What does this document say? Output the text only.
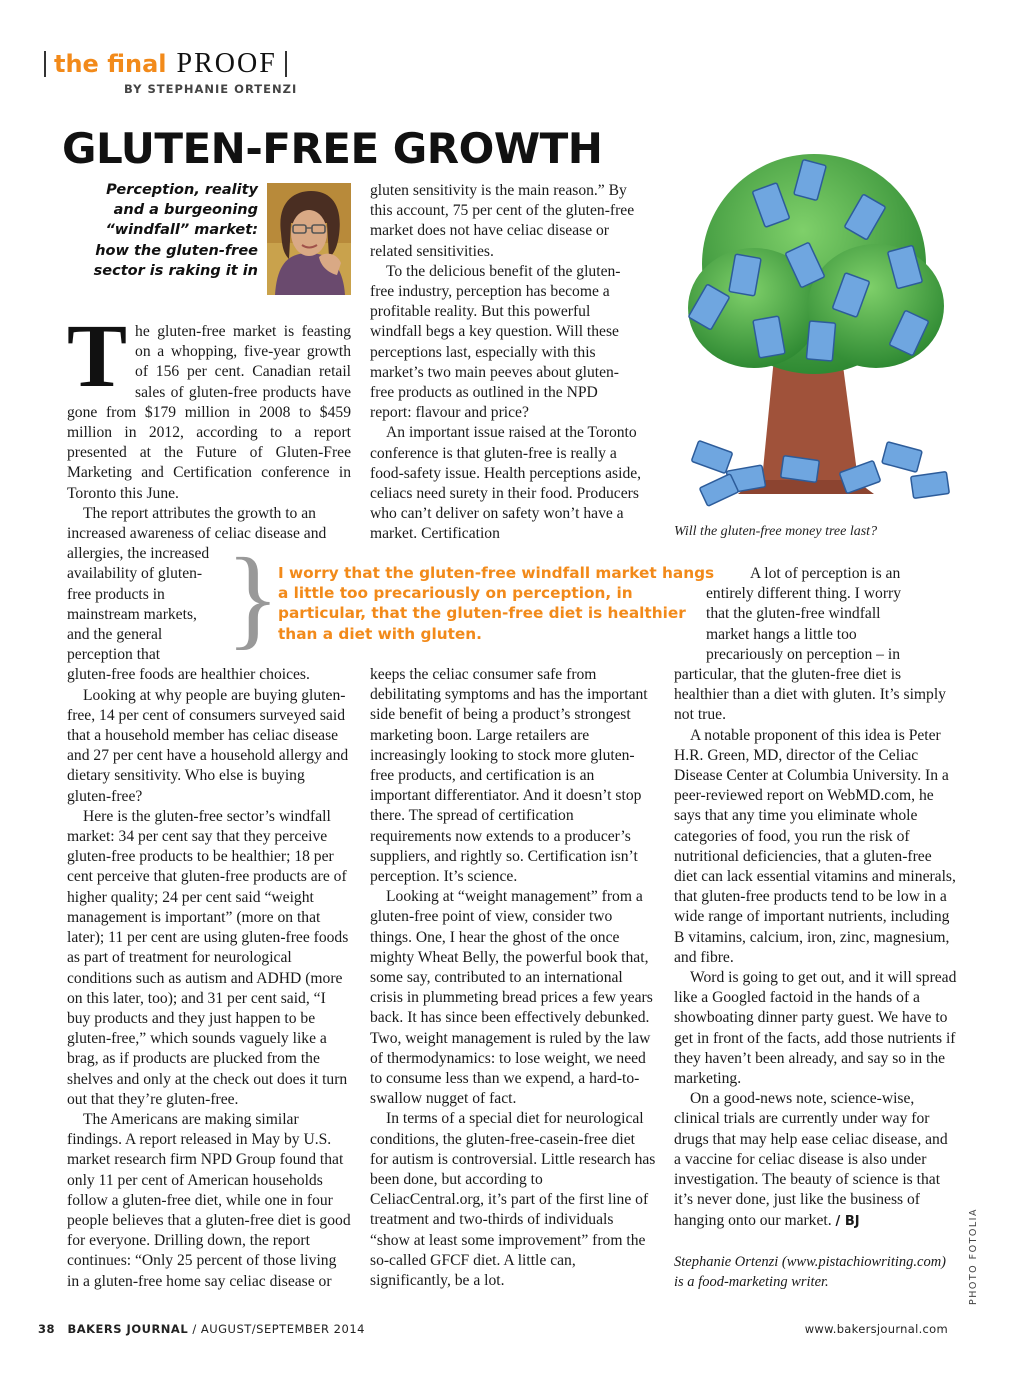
the final PROOF
BY STEPHANIE ORTENZI
GLUTEN-FREE GROWTH

Perception, reality

and a burgeoning

“windfall” market:

how the gluten-free

sector is raking it in

The gluten-free market is feasting on a whopping, five-year growth of 156 per cent. Canadian retail sales of gluten-free products have gone from $179 million in 2008 to $459 million in 2012, according to a report presented at the Future of Gluten-Free Marketing and Certification conference in Toronto this June.

The report attributes the growth to an
increased awareness of celiac disease and
allergies, the increased
availability of gluten-
free products in
mainstream markets,
and the general
perception that
gluten-free foods are healthier choices.

Looking at why people are buying gluten-free, 14 per cent of consumers surveyed said that a household member has celiac disease and 27 per cent have a household allergy and dietary sensitivity. Who else is buying gluten-free?

Here is the gluten-free sector’s windfall market: 34 per cent say that they perceive gluten-free products to be healthier; 18 per cent perceive that gluten-free products are of higher quality; 24 per cent said “weight management is important” (more on that later); 11 per cent are using gluten-free foods as part of treatment for neurological conditions such as autism and ADHD (more on this later, too); and 31 per cent said, “I buy products and they just happen to be gluten-free,” which sounds vaguely like a brag, as if products are plucked from the shelves and only at the check out does it turn out that they’re gluten-free.

The Americans are making similar findings. A report released in May by U.S. market research firm NPD Group found that only 11 per cent of American households follow a gluten-free diet, while one in four people believes that a gluten-free diet is good for everyone. Drilling down, the report continues: “Only 25 percent of those living in a gluten-free home say celiac disease or

gluten sensitivity is the main reason.” By this account, 75 per cent of the gluten-free market does not have celiac disease or related sensitivities.

To the delicious benefit of the gluten-free industry, perception has become a profitable reality. But this powerful windfall begs a key question. Will these perceptions last, especially with this market’s two main peeves about gluten-free products as outlined in the NPD report: flavour and price?

An important issue raised at the Toronto conference is that gluten-free is really a food-safety issue. Health perceptions aside, celiacs need surety in their food. Producers who can’t deliver on safety won’t have a market. Certification

}
I worry that the gluten-free windfall market hangs a little too precariously on perception, in particular, that the gluten-free diet is healthier than a diet with gluten.

keeps the celiac consumer safe from debilitating symptoms and has the important side benefit of being a product’s strongest marketing boon. Large retailers are increasingly looking to stock more gluten-free products, and certification is an important differentiator. And it doesn’t stop there. The spread of certification requirements now extends to a producer’s suppliers, and rightly so. Certification isn’t perception. It’s science.

Looking at “weight management” from a gluten-free point of view, consider two things. One, I hear the ghost of the once mighty Wheat Belly, the powerful book that, some say, contributed to an international crisis in plummeting bread prices a few years back. It has since been effectively debunked. Two, weight management is ruled by the law of thermodynamics: to lose weight, we need to consume less than we expend, a hard-to-swallow nugget of fact.

In terms of a special diet for neurological conditions, the gluten-free-casein-free diet for autism is controversial. Little research has been done, but according to CeliacCentral.org, it’s part of the first line of treatment and two-thirds of individuals “show at least some improvement” from the so-called GFCF diet. A little can, significantly, be a lot.

Will the gluten-free money tree last?

A lot of perception is an
entirely different thing. I worry
that the gluten-free windfall
market hangs a little too
precariously on perception – in

particular, that the gluten-free diet is healthier than a diet with gluten. It’s simply not true.

A notable proponent of this idea is Peter H.R. Green, MD, director of the Celiac Disease Center at Columbia University. In a peer-reviewed report on WebMD.com, he says that any time you eliminate whole categories of food, you run the risk of nutritional deficiencies, that a gluten-free diet can lack essential vitamins and minerals, that gluten-free products tend to be low in a wide range of important nutrients, including B vitamins, calcium, iron, zinc, magnesium, and fibre.

Word is going to get out, and it will spread like a Googled factoid in the hands of a showboating dinner party guest. We have to get in front of the facts, add those nutrients if they haven’t been already, and say so in the marketing.

On a good-news note, science-wise, clinical trials are currently under way for drugs that may help ease celiac disease, and a vaccine for celiac disease is also under investigation. The beauty of science is that it’s never done, just like the business of hanging onto our market. / BJ

Stephanie Ortenzi (www.pistachiowriting.com) is a food-marketing writer.	PHOTO FOTOLIA
38 BAKERS JOURNAL / AUGUST/SEPTEMBER 2014	www.bakersjournal.com
